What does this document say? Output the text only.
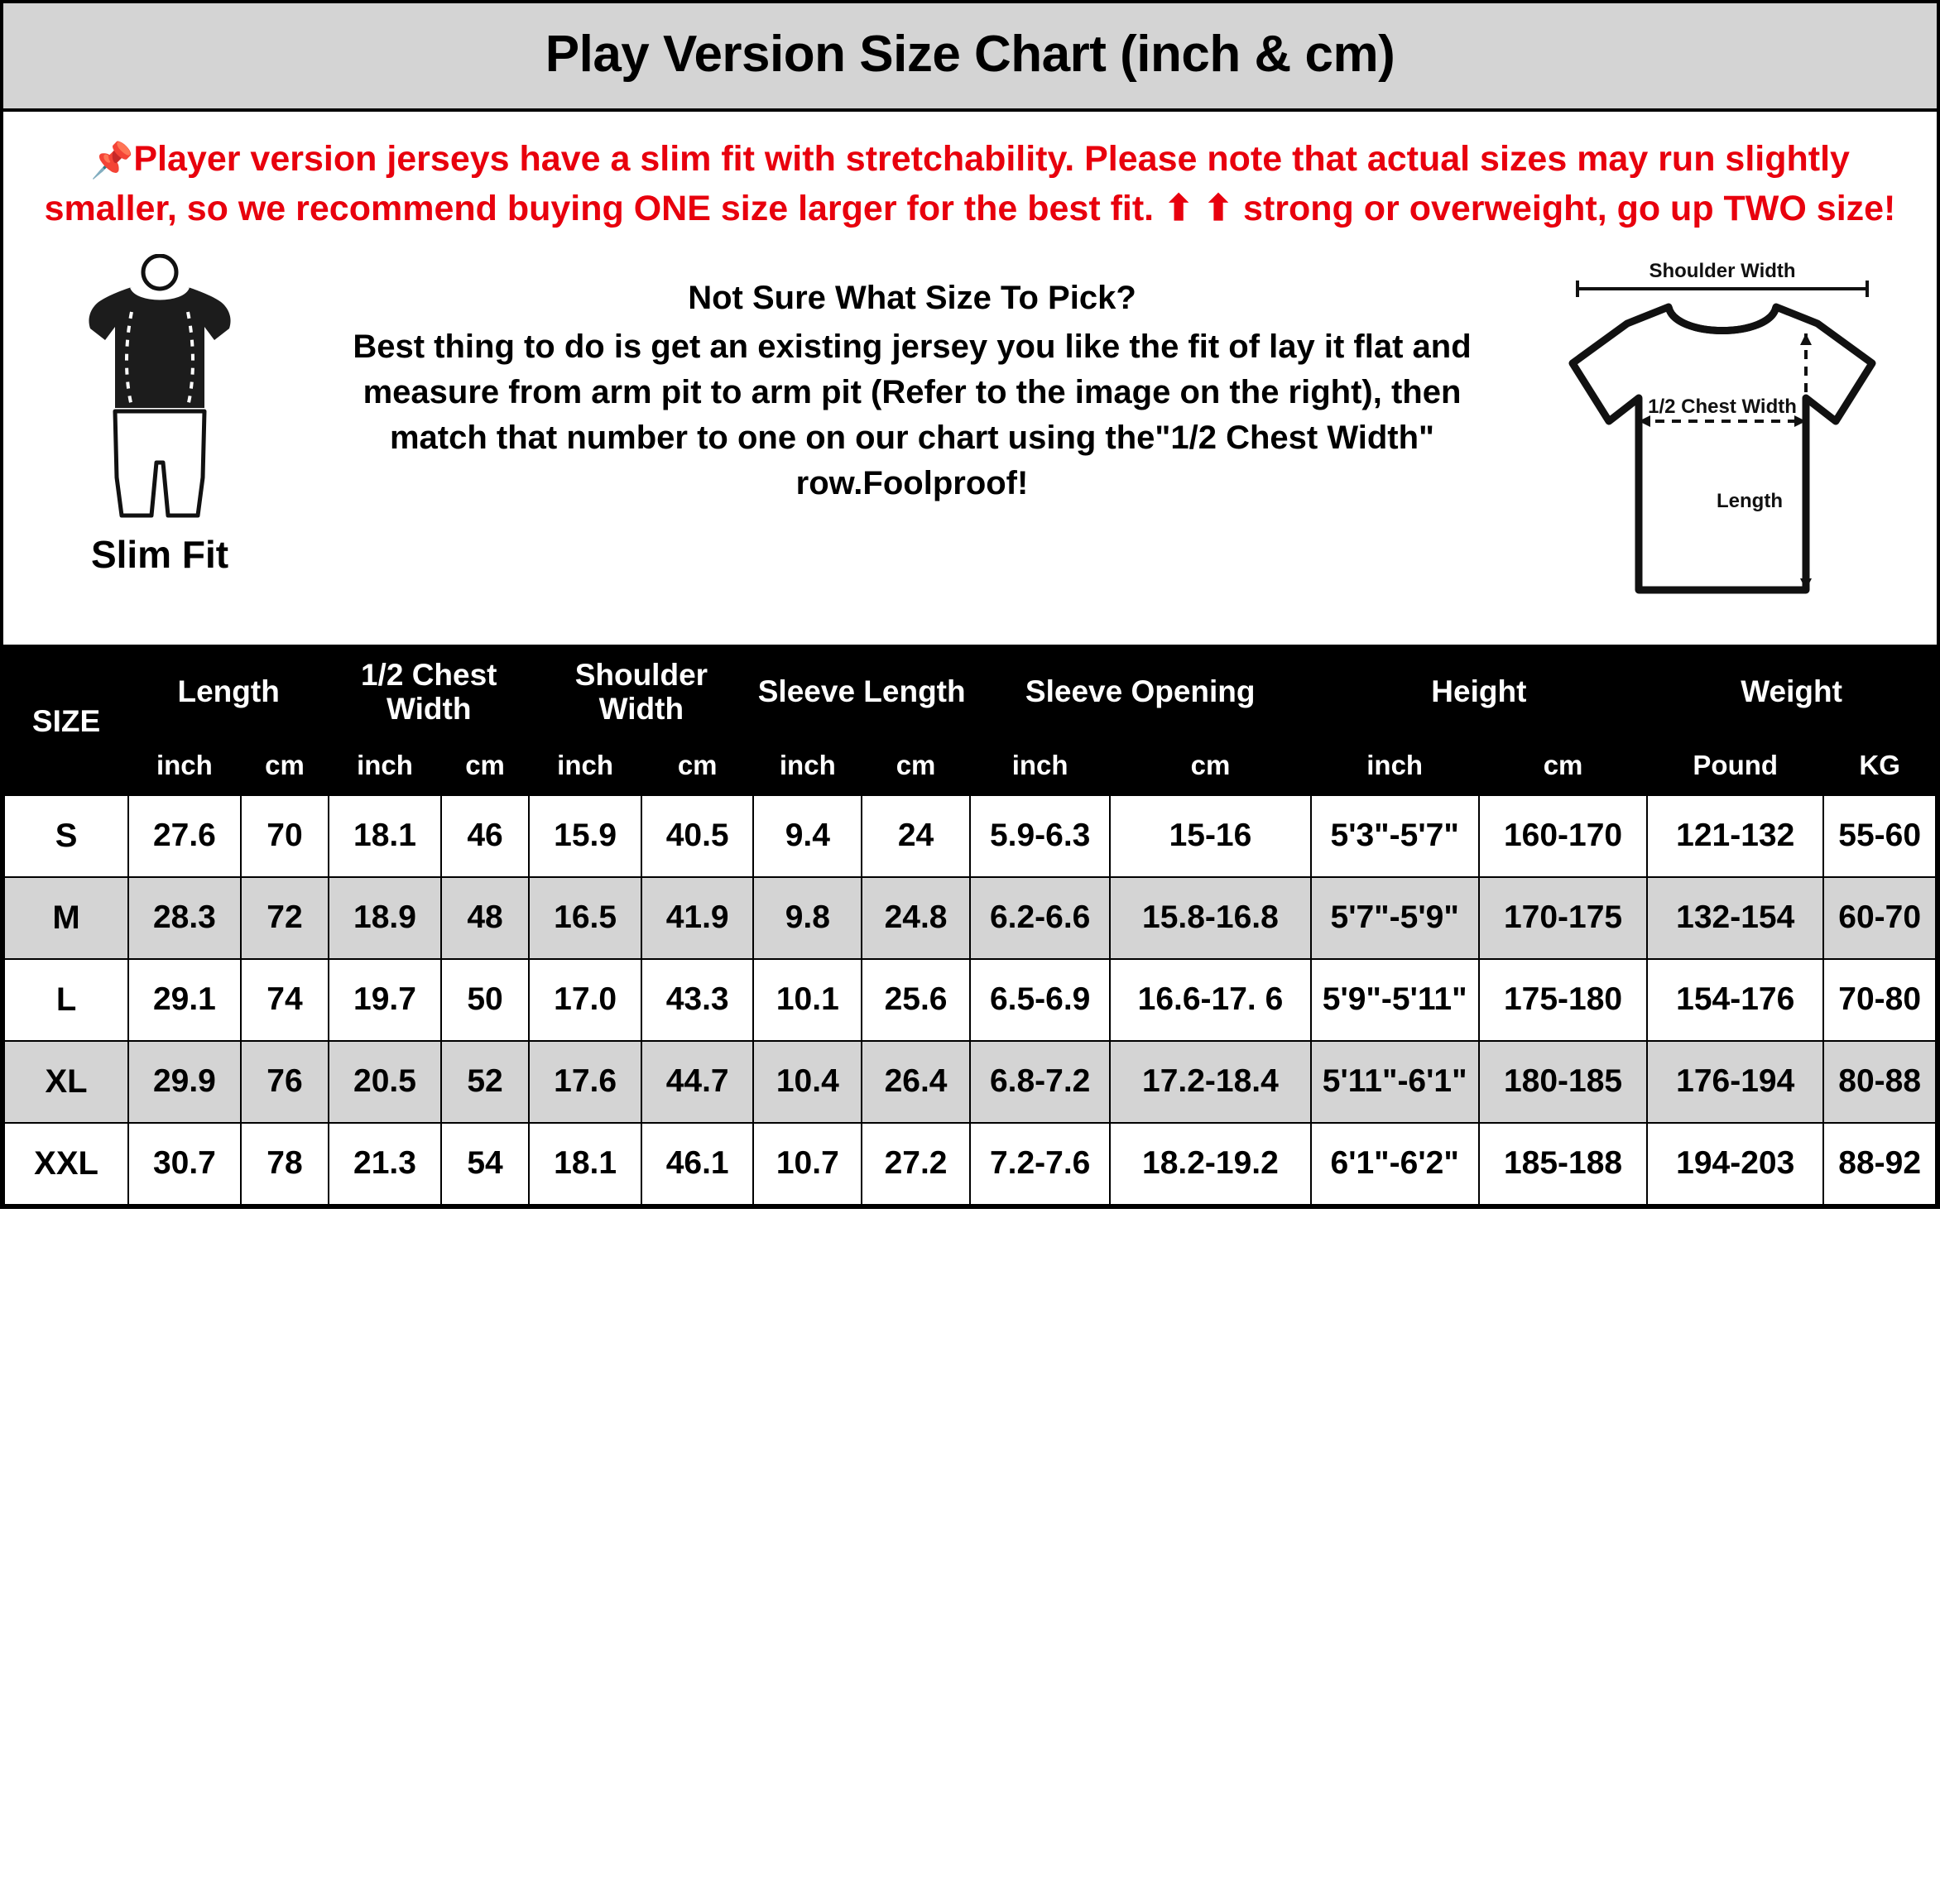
Play Version Size Chart (inch & cm)
📌Player version jerseys have a slim fit with stretchability. Please note that actual sizes may run slightly smaller, so we recommend buying ONE size larger for the best fit. ⬆ ⬆ strong or overweight, go up TWO size!
Slim Fit
Not Sure What Size To Pick?
Best thing to do is get an existing jersey you like the fit of lay it flat and measure from arm pit to arm pit (Refer to the image on the right), then match that number to one on our chart using the"1/2 Chest Width" row.Foolproof!
Shoulder Width
1/2 Chest Width
Length
SIZE	Length		1/2 Chest Width		Shoulder Width		Sleeve Length		Sleeve Opening		Height		Weight	
	inch	cm	inch	cm	inch	cm	inch	cm	inch	cm	inch	cm	Pound	KG
S	27.6	70	18.1	46	15.9	40.5	9.4	24	5.9-6.3	15-16	5'3"-5'7"	160-170	121-132	55-60
M	28.3	72	18.9	48	16.5	41.9	9.8	24.8	6.2-6.6	15.8-16.8	5'7"-5'9"	170-175	132-154	60-70
L	29.1	74	19.7	50	17.0	43.3	10.1	25.6	6.5-6.9	16.6-17. 6	5'9"-5'11"	175-180	154-176	70-80
XL	29.9	76	20.5	52	17.6	44.7	10.4	26.4	6.8-7.2	17.2-18.4	5'11"-6'1"	180-185	176-194	80-88
XXL	30.7	78	21.3	54	18.1	46.1	10.7	27.2	7.2-7.6	18.2-19.2	6'1"-6'2"	185-188	194-203	88-92
